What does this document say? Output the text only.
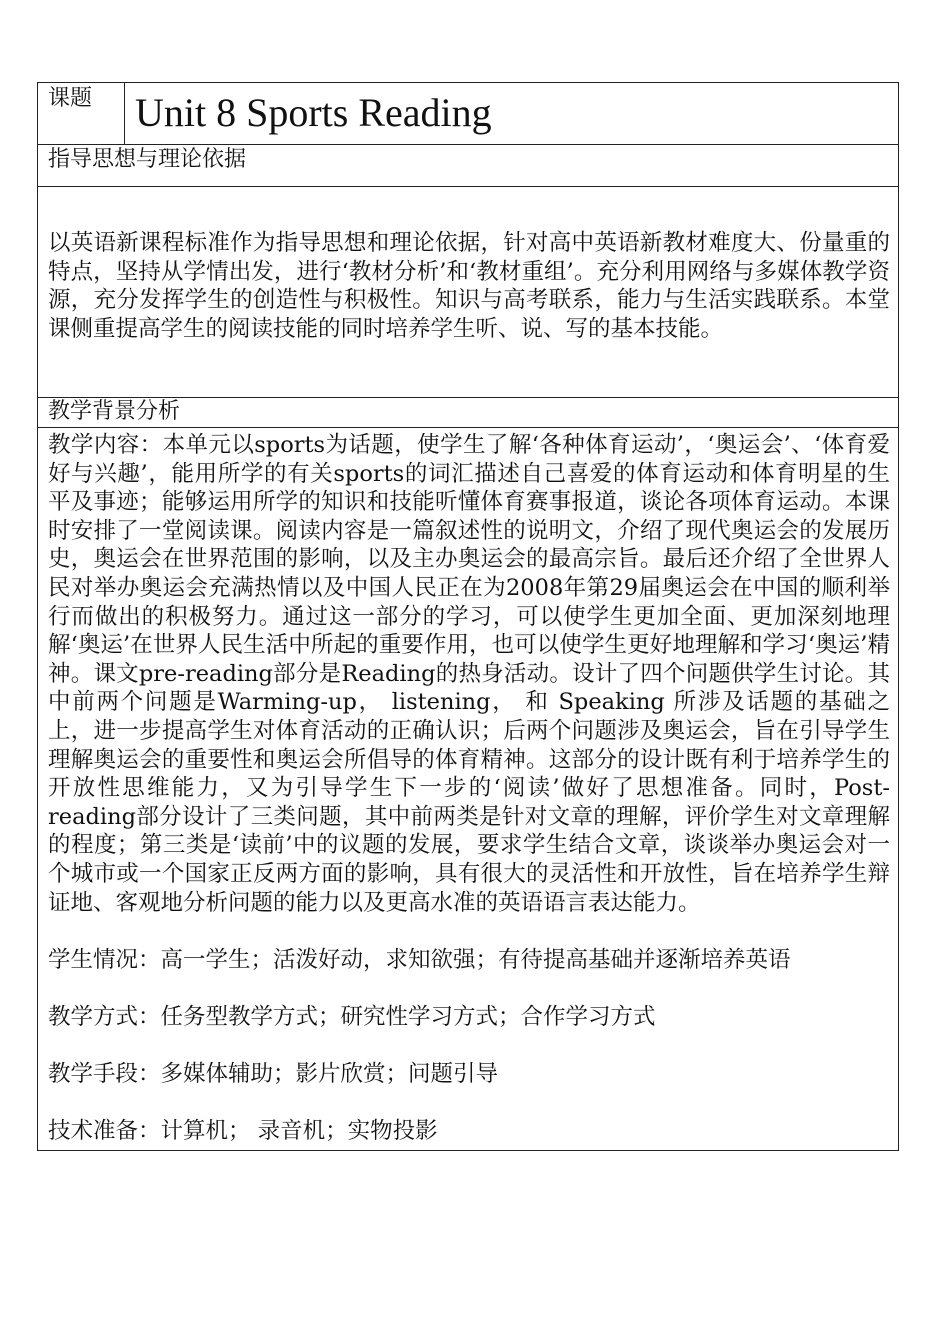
课题	Unit 8 Sports Reading
指导思想与理论依据

以英语新课程标准作为指导思想和理论依据，针对高中英语新教材难度大、份量重的特点，坚持从学情出发，进行‘教材分析’和‘教材重组’。充分利用网络与多媒体教学资源，充分发挥学生的创造性与积极性。知识与高考联系，能力与生活实践联系。本堂课侧重提高学生的阅读技能的同时培养学生听、说、写的基本技能。

教学背景分析

教学内容：本单元以sports为话题，使学生了解‘各种体育运动’，‘奥运会’、‘体育爱好与兴趣’，能用所学的有关sports的词汇描述自己喜爱的体育运动和体育明星的生平及事迹；能够运用所学的知识和技能听懂体育赛事报道，谈论各项体育运动。本课时安排了一堂阅读课。阅读内容是一篇叙述性的说明文，介绍了现代奥运会的发展历史，奥运会在世界范围的影响，以及主办奥运会的最高宗旨。最后还介绍了全世界人民对举办奥运会充满热情以及中国人民正在为2008年第29届奥运会在中国的顺利举行而做出的积极努力。通过这一部分的学习，可以使学生更加全面、更加深刻地理解‘奥运’在世界人民生活中所起的重要作用，也可以使学生更好地理解和学习‘奥运’精神。课文pre-reading部分是Reading的热身活动。设计了四个问题供学生讨论。其中前两个问题是Warming-up， listening， 和 Speaking 所涉及话题的基础之上，进一步提高学生对体育活动的正确认识；后两个问题涉及奥运会，旨在引导学生理解奥运会的重要性和奥运会所倡导的体育精神。这部分的设计既有利于培养学生的开放性思维能力，又为引导学生下一步的‘阅读’做好了思想准备。同时，Post-reading部分设计了三类问题，其中前两类是针对文章的理解，评价学生对文章理解的程度；第三类是‘读前’中的议题的发展，要求学生结合文章，谈谈举办奥运会对一个城市或一个国家正反两方面的影响，具有很大的灵活性和开放性，旨在培养学生辩证地、客观地分析问题的能力以及更高水准的英语语言表达能力。

学生情况：高一学生；活泼好动，求知欲强；有待提高基础并逐渐培养英语

教学方式：任务型教学方式；研究性学习方式；合作学习方式

教学手段：多媒体辅助；影片欣赏；问题引导

技术准备：计算机； 录音机；实物投影
